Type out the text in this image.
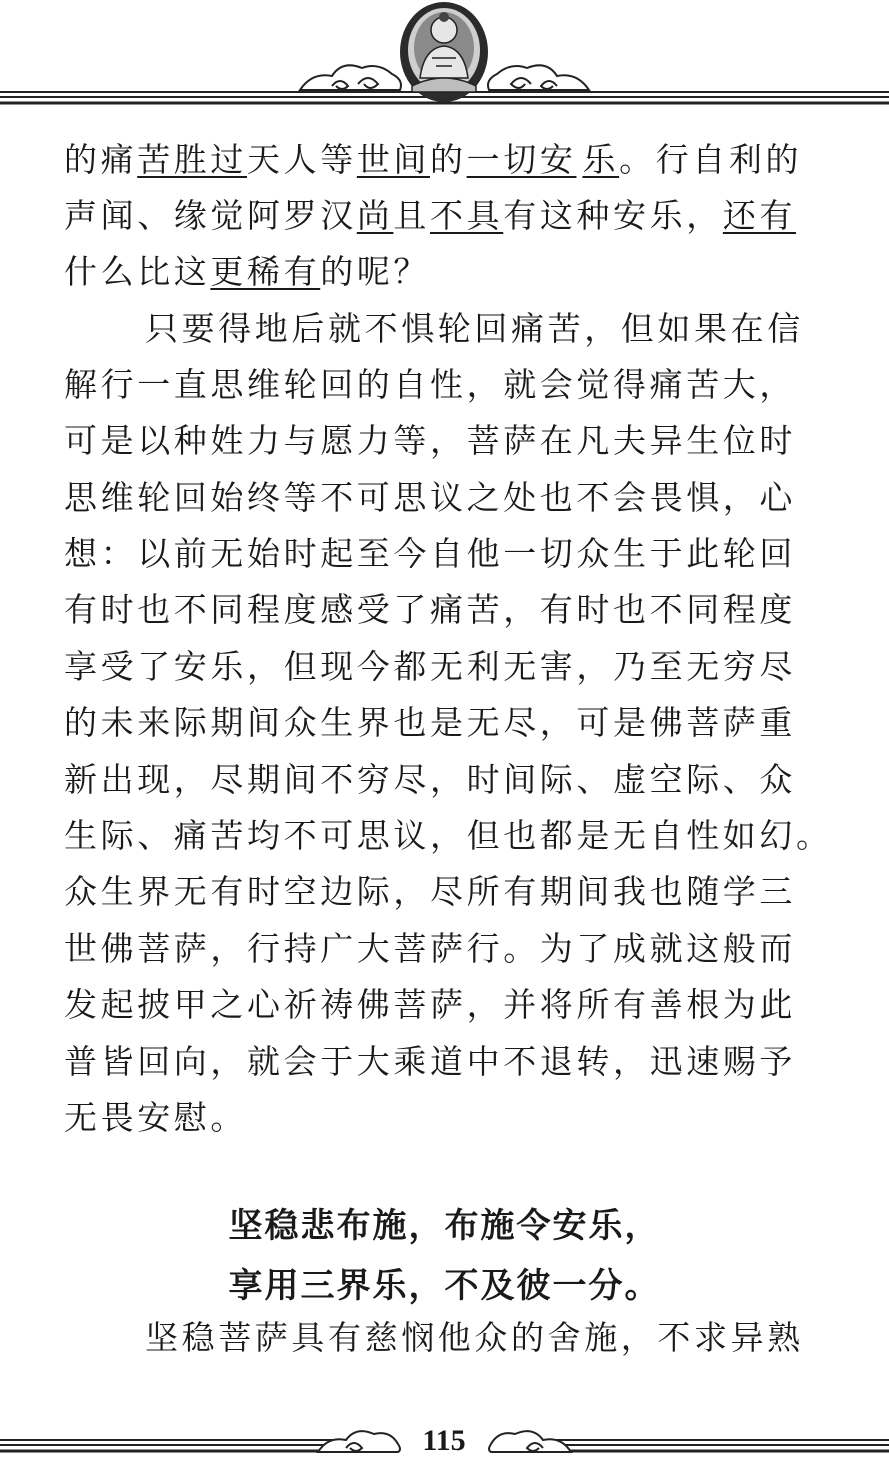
的痛苦胜过天人等世间的一切安 乐。行自利的
声闻、缘觉阿罗汉尚且不具有这种安乐，还有
什么比这更稀有的呢？
只要得地后就不惧轮回痛苦，但如果在信
解行一直思维轮回的自性，就会觉得痛苦大，
可是以种姓力与愿力等，菩萨在凡夫异生位时
思维轮回始终等不可思议之处也不会畏惧，心
想：以前无始时起至今自他一切众生于此轮回
有时也不同程度感受了痛苦，有时也不同程度
享受了安乐，但现今都无利无害，乃至无穷尽
的未来际期间众生界也是无尽，可是佛菩萨重
新出现，尽期间不穷尽，时间际、虚空际、众
生际、痛苦均不可思议，但也都是无自性如幻。
众生界无有时空边际，尽所有期间我也随学三
世佛菩萨，行持广大菩萨行。为了成就这般而
发起披甲之心祈祷佛菩萨，并将所有善根为此
普皆回向，就会于大乘道中不退转，迅速赐予
无畏安慰。
坚稳悲布施，布施令安乐，
享用三界乐，不及彼一分。
坚稳菩萨具有慈悯他众的舍施，不求异熟
115
